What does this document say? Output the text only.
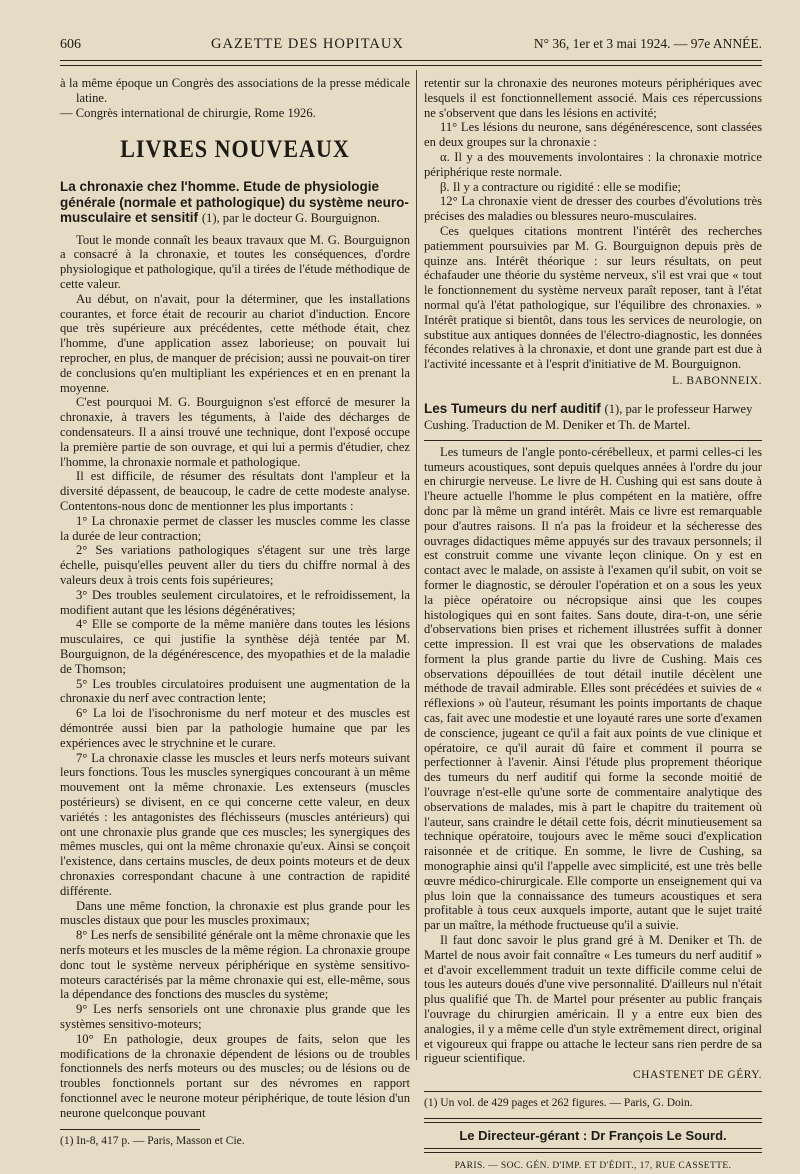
606	GAZETTE DES HOPITAUX	N° 36, 1er et 3 mai 1924. — 97e ANNÉE.

à la même époque un Congrès des associations de la presse médicale latine.

— Congrès international de chirurgie, Rome 1926.

LIVRES NOUVEAUX
La chronaxie chez l'homme. Etude de physiologie générale (normale et pathologique) du système neuro-musculaire et sensitif (1), par le docteur G. Bourguignon.

Tout le monde connaît les beaux travaux que M. G. Bourguignon a consacré à la chronaxie, et toutes les conséquences, d'ordre physiologique et pathologique, qu'il a tirées de l'étude méthodique de cette valeur.

Au début, on n'avait, pour la déterminer, que les installations courantes, et force était de recourir au chariot d'induction. Encore que très supérieure aux précédentes, cette méthode était, chez l'homme, d'une application assez laborieuse; on pouvait lui reprocher, en plus, de manquer de précision; aussi ne pouvait-on tirer de conclusions qu'en multipliant les expériences et en en prenant la moyenne.

C'est pourquoi M. G. Bourguignon s'est efforcé de mesurer la chronaxie, à travers les téguments, à l'aide des décharges de condensateurs. Il a ainsi trouvé une technique, dont l'exposé occupe la première partie de son ouvrage, et qui lui a permis d'étudier, chez l'homme, la chronaxie normale et pathologique.

Il est difficile, de résumer des résultats dont l'ampleur et la diversité dépassent, de beaucoup, le cadre de cette modeste analyse. Contentons-nous donc de mentionner les plus importants :

1° La chronaxie permet de classer les muscles comme les classe la durée de leur contraction;

2° Ses variations pathologiques s'étagent sur une très large échelle, puisqu'elles peuvent aller du tiers du chiffre normal à des valeurs deux à trois cents fois supérieures;

3° Des troubles seulement circulatoires, et le refroidissement, la modifient autant que les lésions dégénératives;

4° Elle se comporte de la même manière dans toutes les lésions musculaires, ce qui justifie la synthèse déjà tentée par M. Bourguignon, de la dégénérescence, des myopathies et de la maladie de Thomson;

5° Les troubles circulatoires produisent une augmentation de la chronaxie du nerf avec contraction lente;

6° La loi de l'isochronisme du nerf moteur et des muscles est démontrée aussi bien par la pathologie humaine que par les expériences avec le strychnine et le curare.

7° La chronaxie classe les muscles et leurs nerfs moteurs suivant leurs fonctions. Tous les muscles synergiques concourant à un même mouvement ont la même chronaxie. Les extenseurs (muscles postérieurs) se divisent, en ce qui concerne cette valeur, en deux variétés : les antagonistes des fléchisseurs (muscles antérieurs) qui ont une chronaxie plus grande que ces muscles; les synergiques des mêmes muscles, qui ont la même chronaxie qu'eux. Ainsi se conçoit l'existence, dans certains muscles, de deux points moteurs et de deux chronaxies correspondant chacune à une contraction de rapidité différente.

Dans une même fonction, la chronaxie est plus grande pour les muscles distaux que pour les muscles proximaux;

8° Les nerfs de sensibilité générale ont la même chronaxie que les nerfs moteurs et les muscles de la même région. La chronaxie groupe donc tout le système nerveux périphérique en système sensitivo-moteurs caractérisés par la même chronaxie qui est, elle-même, sous la dépendance des fonctions des muscles du système;

9° Les nerfs sensoriels ont une chronaxie plus grande que les systèmes sensitivo-moteurs;

10° En pathologie, deux groupes de faits, selon que les modifications de la chronaxie dépendent de lésions ou de troubles fonctionnels des nerfs moteurs ou des muscles; ou de lésions ou de troubles fonctionnels portant sur des névromes en rapport fonctionnel avec le neurone moteur périphérique, de toute lésion d'un neurone quelconque pouvant

(1) In-8, 417 p. — Paris, Masson et Cie.

retentir sur la chronaxie des neurones moteurs périphériques avec lesquels il est fonctionnellement associé. Mais ces répercussions ne s'observent que dans les lésions en activité;

11° Les lésions du neurone, sans dégénérescence, sont classées en deux groupes sur la chronaxie :

α. Il y a des mouvements involontaires : la chronaxie motrice périphérique reste normale.

β. Il y a contracture ou rigidité : elle se modifie;

12° La chronaxie vient de dresser des courbes d'évolutions très précises des maladies ou blessures neuro-musculaires.

Ces quelques citations montrent l'intérêt des recherches patiemment poursuivies par M. G. Bourguignon depuis près de quinze ans. Intérêt théorique : sur leurs résultats, on peut échafauder une théorie du système nerveux, s'il est vrai que « tout le fonctionnement du système nerveux paraît reposer, tant à l'état normal qu'à l'état pathologique, sur l'équilibre des chronaxies. » Intérêt pratique si bientôt, dans tous les services de neurologie, on substitue aux antiques données de l'électro-diagnostic, les données fécondes relatives à la chronaxie, et dont une grande part est due à l'activité incessante et à l'esprit d'initiative de M. Bourguignon.

L. BABONNEIX.
Les Tumeurs du nerf auditif (1), par le professeur Harwey Cushing. Traduction de M. Deniker et Th. de Martel.

Les tumeurs de l'angle ponto-cérébelleux, et parmi celles-ci les tumeurs acoustiques, sont depuis quelques années à l'ordre du jour en chirurgie nerveuse. Le livre de H. Cushing qui est sans doute à l'heure actuelle l'homme le plus compétent en la matière, offre donc par là même un grand intérêt. Mais ce livre est remarquable pour d'autres raisons. Il n'a pas la froideur et la sécheresse des ouvrages didactiques même appuyés sur des travaux personnels; il est construit comme une vivante leçon clinique. On y est en contact avec le malade, on assiste à l'examen qu'il subit, on voit se former le diagnostic, se dérouler l'opération et on a sous les yeux la pièce opératoire ou nécropsique ainsi que les coupes histologiques qui en sont faites. Sans doute, dira-t-on, une série d'observations bien prises et richement illustrées suffit à donner cette impression. Il est vrai que les observations de malades forment la plus grande partie du livre de Cushing. Mais ces observations dépouillées de tout détail inutile décèlent une méthode de travail admirable. Elles sont précédées et suivies de « réflexions » où l'auteur, résumant les points importants de chaque cas, fait avec une modestie et une loyauté rares une sorte d'examen de conscience, jugeant ce qu'il a fait aux points de vue clinique et opératoire, ce qu'il aurait dû faire et comment il pourra se perfectionner à l'avenir. Ainsi l'étude plus proprement théorique des tumeurs du nerf auditif qui forme la seconde moitié de l'ouvrage n'est-elle qu'une sorte de commentaire analytique des observations de malades, mis à part le chapitre du traitement où l'auteur, sans craindre le détail cette fois, décrit minutieusement sa technique opératoire, toujours avec le même souci d'explication raisonnée et de critique. En somme, le livre de Cushing, sa monographie ainsi qu'il l'appelle avec simplicité, est une très belle œuvre médico-chirurgicale. Elle comporte un enseignement qui va plus loin que la connaissance des tumeurs acoustiques et sera profitable à tous ceux auxquels importe, autant que le sujet traité par un maître, la méthode fructueuse qu'il a suivie.

Il faut donc savoir le plus grand gré à M. Deniker et Th. de Martel de nous avoir fait connaître « Les tumeurs du nerf auditif » et d'avoir excellemment traduit un texte difficile comme celui de tous les auteurs doués d'une vive personnalité. D'ailleurs nul n'était plus qualifié que Th. de Martel pour présenter au public français l'ouvrage du chirurgien américain. Il y a entre eux bien des analogies, il y a même celle d'un style extrêmement direct, original et vigoureux qui frappe ou attache le lecteur sans rien perdre de sa rigueur scientifique.

CHASTENET DE GÉRY.

(1) Un vol. de 429 pages et 262 figures. — Paris, G. Doin.

Le Directeur-gérant : Dr François Le Sourd.
PARIS. — SOC. GÉN. D'IMP. ET D'ÉDIT., 17, RUE CASSETTE.
